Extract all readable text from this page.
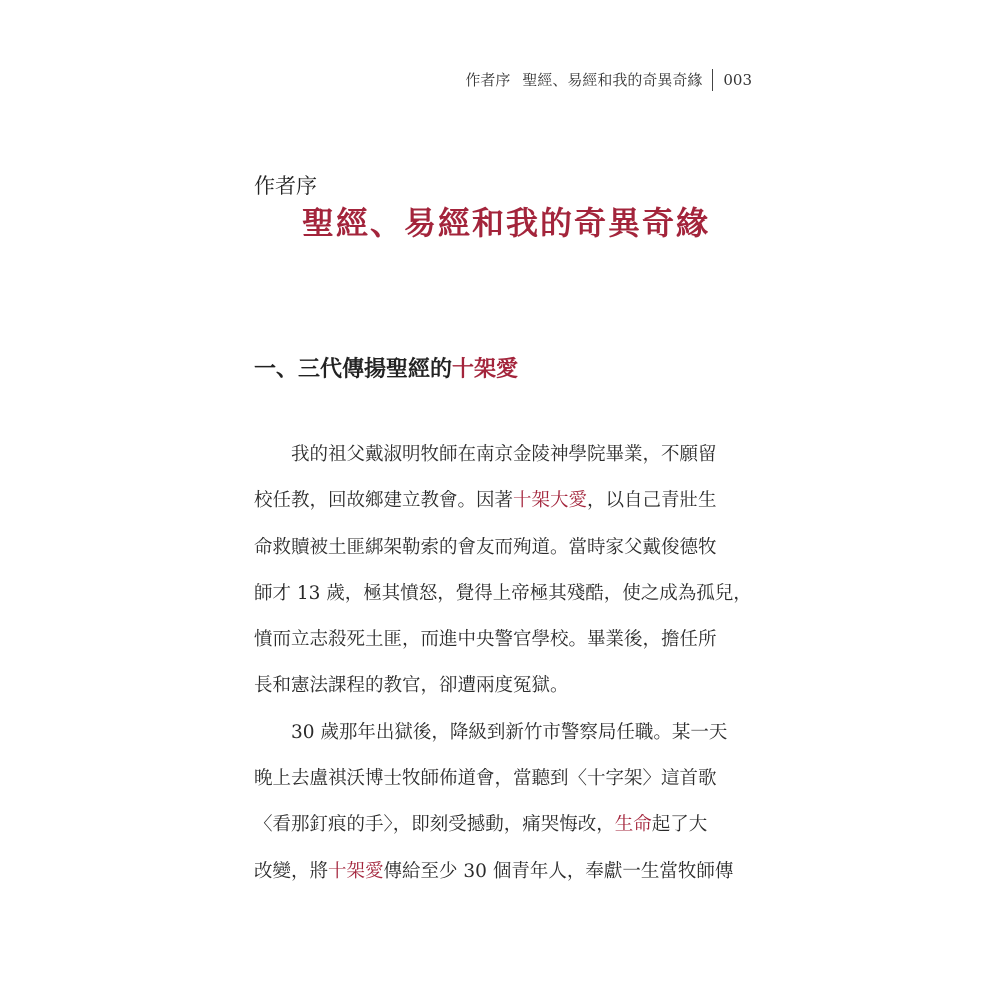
作者序 聖經、易經和我的奇異奇緣 003
作者序
聖經、易經和我的奇異奇緣
一、三代傳揚聖經的十架愛

我的祖父戴淑明牧師在南京金陵神學院畢業，不願留
校任教，回故鄉建立教會。因著十架大愛，以自己青壯生
命救贖被土匪綁架勒索的會友而殉道。當時家父戴俊德牧
師才 13 歲，極其憤怒，覺得上帝極其殘酷，使之成為孤兒，
憤而立志殺死土匪，而進中央警官學校。畢業後，擔任所
長和憲法課程的教官，卻遭兩度冤獄。

30 歲那年出獄後，降級到新竹市警察局任職。某一天
晚上去盧祺沃博士牧師佈道會，當聽到〈十字架〉這首歌
〈看那釘痕的手〉，即刻受撼動，痛哭悔改，生命起了大
改變，將十架愛傳給至少 30 個青年人，奉獻一生當牧師傳
